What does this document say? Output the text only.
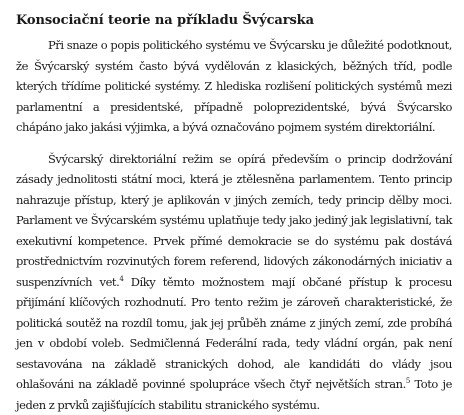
Konsociační teorie na příkladu Švýcarska

Při snaze o popis politického systému ve Švýcarsku je důležité podotknout, že Švýcarský systém často bývá vydělován z klasických, běžných tříd, podle kterých třídíme politické systémy. Z hlediska rozlišení politických systémů mezi parlamentní a presidentské, případně poloprezidentské, bývá Švýcarsko chápáno jako jakási výjimka, a bývá označováno pojmem systém direktoriální.

Švýcarský direktoriální režim se opírá především o princip dodržování zásady jednolitosti státní moci, která je ztělesněna parlamentem. Tento princip nahrazuje přístup, který je aplikován v jiných zemích, tedy princip dělby moci. Parlament ve Švýcarském systému uplatňuje tedy jako jediný jak legislativní, tak exekutivní kompetence. Prvek přímé demokracie se do systému pak dostává prostřednictvím rozvinutých forem referend, lidových zákonodárných iniciativ a suspenzívních vet.$^4$ Díky těmto možnostem mají občané přístup k procesu přijímání klíčových rozhodnutí. Pro tento režim je zároveň charakteristické, že politická soutěž na rozdíl tomu, jak jej průběh známe z jiných zemí, zde probíhá jen v období voleb. Sedmičlenná Federální rada, tedy vládní orgán, pak není sestavována na základě stranických dohod, ale kandidáti do vlády jsou ohlašováni na základě povinné spolupráce všech čtyř největších stran.$^5$ Toto je jeden z prvků zajišťujících stabilitu stranického systému.
